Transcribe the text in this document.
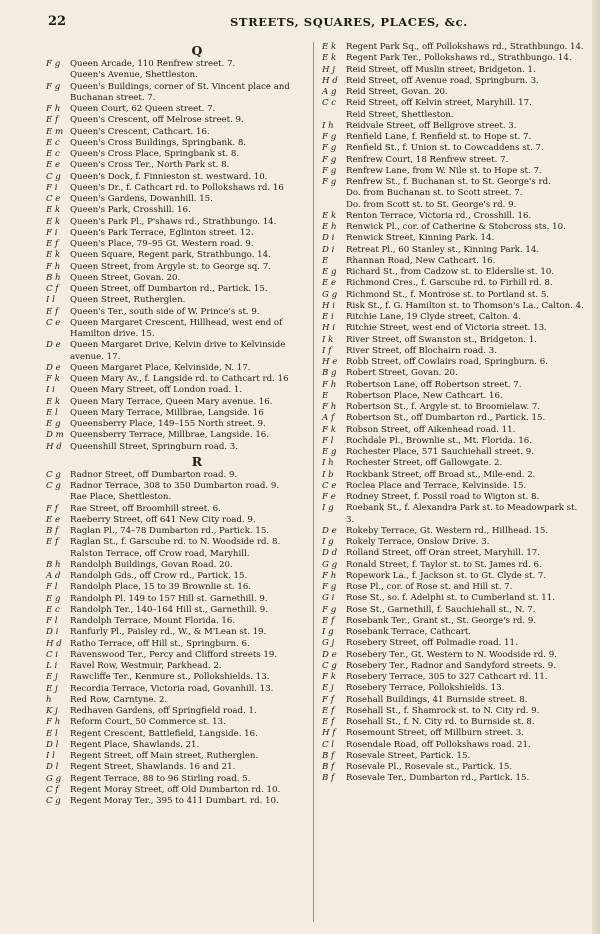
22	STREETS, SQUARES, PLACES, &c.
Q
F g Queen Arcade, 110 Renfrew street. 7.
Queen's Avenue, Shettleston.
F g Queen's Buildings, corner of St. Vincent place and Buchanan street. 7.
F h Queen Court, 62 Queen street. 7.
E f Queen's Crescent, off Melrose street. 9.
E m Queen's Crescent, Cathcart. 16.
E c Queen's Cross Buildings, Springbank. 8.
E c Queen's Cross Place, Springbank st. 8.
E e Queen's Cross Ter., North Park st. 8.
C g Queen's Dock, f. Finnieston st. westward. 10.
F i Queen's Dr., f. Cathcart rd. to Pollokshaws rd. 16
C e Queen's Gardens, Dowanhill. 15.
E k Queen's Park, Crosshill. 16.
E k Queen's Park Pl., P'shaws rd., Strathbungo. 14.
F i Queen's Park Terrace, Eglinton street. 12.
E f Queen's Place, 79–95 Gt. Western road. 9.
E k Queen Square, Regent park, Strathbungo. 14.
F h Queen Street, from Argyle st. to George sq. 7.
B h Queen Street, Govan. 20.
C f Queen Street, off Dumbarton rd., Partick. 15.
I l Queen Street, Rutherglen.
E f Queen's Ter., south side of W. Prince's st. 9.
C e Queen Margaret Crescent, Hillhead, west end of Hamilton drive. 15.
D e Queen Margaret Drive, Kelvin drive to Kelvinside avenue. 17.
D e Queen Margaret Place, Kelvinside, N. 17.
F k Queen Mary Av., f. Langside rd. to Cathcart rd. 16
I i Queen Mary Street, off London road. 1.
E k Queen Mary Terrace, Queen Mary avenue. 16.
E l Queen Mary Terrace, Millbrae, Langside. 16
E g Queensberry Place, 149–155 North street. 9.
D m Queensberry Terrace, Millbrae, Langside. 16.
H d Queenshill Street, Springburn road. 3.
R
C g Radnor Street, off Dumbarton road. 9.
C g Radnor Terrace, 308 to 350 Dumbarton road. 9.
Rae Place, Shettleston.
F f Rae Street, off Broomhill street. 6.
E e Raeberry Street, off 641 New City road. 9.
B f Raglan Pl., 74–78 Dumbarton rd., Partick. 15.
E f Raglan St., f. Garscube rd. to N. Woodside rd. 8.
Ralston Terrace, off Crow road, Maryhill.
B h Randolph Buildings, Govan Road. 20.
A d Randolph Gds., off Crow rd., Partick. 15.
F l Randolph Place, 15 to 39 Brownlie st. 16.
E g Randolph Pl. 149 to 157 Hill st. Garnethill. 9.
E c Randolph Ter., 140–164 Hill st., Garnethill. 9.
F l Randolph Terrace, Mount Florida. 16.
D i Ranfurly Pl., Paisley rd., W., & M'Lean st. 19.
H d Ratho Terrace, off Hill st., Springburn. 6.
C i Ravenswood Ter., Percy and Clifford streets 19.
L i Ravel Row, Westmuir, Parkhead. 2.
E j Rawcliffe Ter., Kenmure st., Pollokshields. 13.
E j Recordia Terrace, Victoria road, Govanhill. 13.
h Red Row, Carntyne. 2.
K j Redhaven Gardens, off Springfield road. 1.
F h Reform Court, 50 Commerce st. 13.
E l Regent Crescent, Battlefield, Langside. 16.
D l Regent Place, Shawlands. 21.
I l Regent Street, off Main street, Rutherglen.
D l Regent Street, Shawlands. 16 and 21.
G g Regent Terrace, 88 to 96 Stirling road. 5.
C f Regent Moray Street, off Old Dumbarton rd. 10.
C g Regent Moray Ter., 395 to 411 Dumbart. rd. 10.
E k Regent Park Sq., off Pollokshaws rd., Strathbungo. 14.
E k Regent Park Ter., Pollokshaws rd., Strathbungo. 14.
H j Reid Street, off Muslin street, Bridgeton. 1.
H d Reid Street, off Avenue road, Springburn. 3.
A g Reid Street, Govan. 20.
C c Reid Street, off Kelvin street, Maryhill. 17.
Reid Street, Shettleston.
I h Reidvale Street, off Bellgrove street. 3.
F g Renfield Lane, f. Renfield st. to Hope st. 7.
F g Renfield St., f. Union st. to Cowcaddens st. 7.
F g Renfrew Court, 18 Renfrew street. 7.
F g Renfrew Lane, from W. Nile st. to Hope st. 7.
F g Renfrew St., f. Buchanan st. to St. George's rd.
Do. from Buchanan st. to Scott street. 7.
Do. from Scott st. to St. George's rd. 9.
E k Renton Terrace, Victoria rd., Crosshill. 16.
E h Renwick Pl., cor. of Catherine & Stobcross sts. 10.
D i Renwick Street, Kinning Park. 14.
D i Retreat Pl., 60 Stanley st., Kinning Park. 14.
E Rhannan Road, New Cathcart. 16.
E g Richard St., from Cadzow st. to Elderslie st. 10.
E e Richmond Cres., f. Garscube rd. to Firhill rd. 8.
G g Richmond St., f. Montrose st. to Portland st. 5.
H i Risk St., f. G. Hamilton st. to Thomson's La., Calton. 4.
E i Ritchie Lane, 19 Clyde street, Calton. 4.
H i Ritchie Street, west end of Victoria street. 13.
I k River Street, off Swanston st., Bridgeton. 1.
I f River Street, off Blochairn road. 3.
H e Robb Street, off Cowlairs road, Springburn. 6.
B g Robert Street, Govan. 20.
F h Robertson Lane, off Robertson street. 7.
E Robertson Place, New Cathcart. 16.
F h Robertson St., f. Argyle st. to Broomielaw. 7.
A f Robertson St., off Dumbarton rd., Partick. 15.
F k Robson Street, off Aikenhead road. 11.
F l Rochdale Pl., Brownlie st., Mt. Florida. 16.
E g Rochester Place, 571 Sauchiehall street. 9.
I h Rochester Street, off Gallowgate. 2.
I b Rockbank Street, off Broad st., Mile-end. 2.
C e Roclea Place and Terrace, Kelvinside. 15.
F e Rodney Street, f. Possil road to Wigton st. 8.
I g Roebank St., f. Alexandra Park st. to Meadowpark st. 3.
D e Rokeby Terrace, Gt. Western rd., Hillhead. 15.
I g Rokely Terrace, Onslow Drive. 3.
D d Rolland Street, off Oran street, Maryhill. 17.
G g Ronald Street, f. Taylor st. to St. James rd. 6.
F h Ropework La., f. Jackson st. to Gt. Clyde st. 7.
F g Rose Pl., cor. of Rose st. and Hill st. 7.
G i Rose St., so. f. Adelphi st. to Cumberland st. 11.
F g Rose St., Garnethill, f. Sauchiehall st., N. 7.
E f Rosebank Ter., Grant st., St. George's rd. 9.
I g Rosebank Terrace, Cathcart.
G j Rosebery Street, off Polmadie road. 11.
D e Rosebery Ter., Gt. Western to N. Woodside rd. 9.
C g Rosebery Ter., Radnor and Sandyford streets. 9.
F k Rosebery Terrace, 305 to 327 Cathcart rd. 11.
E j Rosebery Terrace, Pollokshields. 13.
F f Rosehall Buildings, 41 Burnside street. 8.
E f Rosehall St., f. Shamrock st. to N. City rd. 9.
E f Rosehall St., f. N. City rd. to Burnside st. 8.
H f Rosemount Street, off Millburn street. 3.
C l Rosendale Road, off Pollokshaws road. 21.
B f Rosevale Street, Partick. 15.
B f Rosevale Pl., Rosevale st., Partick. 15.
B f Rosevale Ter., Dumbarton rd., Partick. 15.
